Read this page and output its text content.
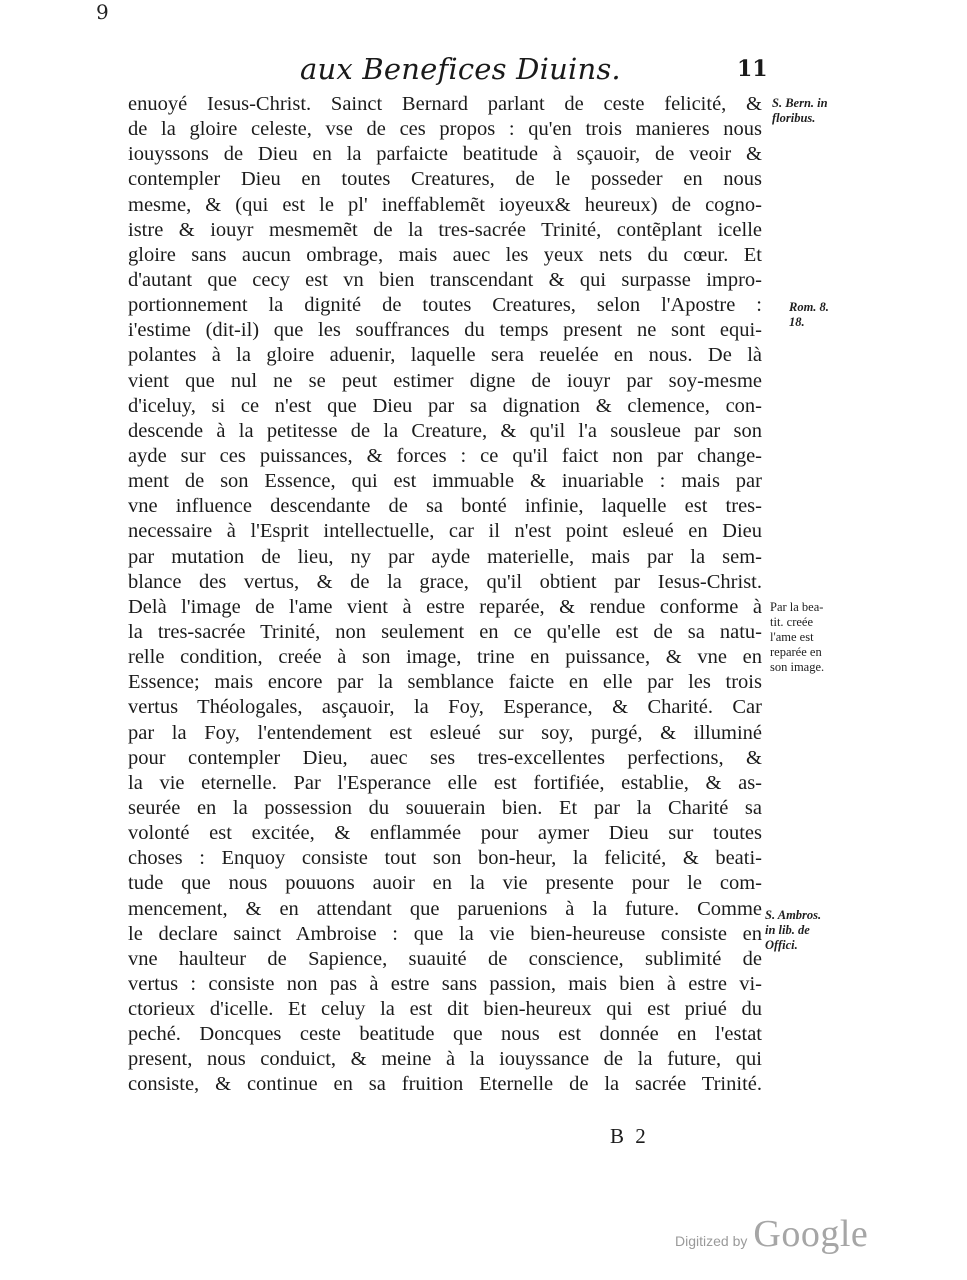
9
aux Benefices Diuins.	11
enuoyé Iesus-Christ. Sainct Bernard parlant de ceste felicité, &
de la gloire celeste, vse de ces propos : qu'en trois manieres nous
iouyssons de Dieu en la parfaicte beatitude à sçauoir, de veoir &
contempler Dieu en toutes Creatures, de le posseder en nous
mesme, & (qui est le pl' ineffablemẽt ioyeux& heureux) de cogno-
istre & iouyr mesmemẽt de la tres-sacrée Trinité, contẽplant icelle
gloire sans aucun ombrage, mais auec les yeux nets du cœur. Et
d'autant que cecy est vn bien transcendant & qui surpasse impro-
portionnement la dignité de toutes Creatures, selon l'Apostre :
i'estime (dit-il) que les souffrances du temps present ne sont equi-
polantes à la gloire aduenir, laquelle sera reuelée en nous. De là
vient que nul ne se peut estimer digne de iouyr par soy-mesme
d'iceluy, si ce n'est que Dieu par sa dignation & clemence, con-
descende à la petitesse de la Creature, & qu'il l'a sousleue par son
ayde sur ces puissances, & forces : ce qu'il faict non par change-
ment de son Essence, qui est immuable & inuariable : mais par
vne influence descendante de sa bonté infinie, laquelle est tres-
necessaire à l'Esprit intellectuelle, car il n'est point esleué en Dieu
par mutation de lieu, ny par ayde materielle, mais par la sem-
blance des vertus, & de la grace, qu'il obtient par Iesus-Christ.
Delà l'image de l'ame vient à estre reparée, & rendue conforme à
la tres-sacrée Trinité, non seulement en ce qu'elle est de sa natu-
relle condition, creée à son image, trine en puissance, & vne en
Essence; mais encore par la semblance faicte en elle par les trois
vertus Théologales, asçauoir, la Foy, Esperance, & Charité. Car
par la Foy, l'entendement est esleué sur soy, purgé, & illuminé
pour contempler Dieu, auec ses tres-excellentes perfections, &
la vie eternelle. Par l'Esperance elle est fortifiée, establie, & as-
seurée en la possession du souuerain bien. Et par la Charité sa
volonté est excitée, & enflammée pour aymer Dieu sur toutes
choses : Enquoy consiste tout son bon-heur, la felicité, & beati-
tude que nous pouuons auoir en la vie presente pour le com-
mencement, & en attendant que paruenions à la future. Comme
le declare sainct Ambroise : que la vie bien-heureuse consiste en
vne haulteur de Sapience, suauité de conscience, sublimité de
vertus : consiste non pas à estre sans passion, mais bien à estre vi-
ctorieux d'icelle. Et celuy la est dit bien-heureux qui est priué du
peché. Doncques ceste beatitude que nous est donnée en l'estat
present, nous conduict, & meine à la iouyssance de la future, qui
consiste, & continue en sa fruition Eternelle de la sacrée Trinité.
S. Bern. in
floribus.
Rom. 8.
18.
Par la bea-
tit. creée
l'ame est
reparée en
son image.
S. Ambros.
in lib. de
Offici.
B 2
Digitized by Google
